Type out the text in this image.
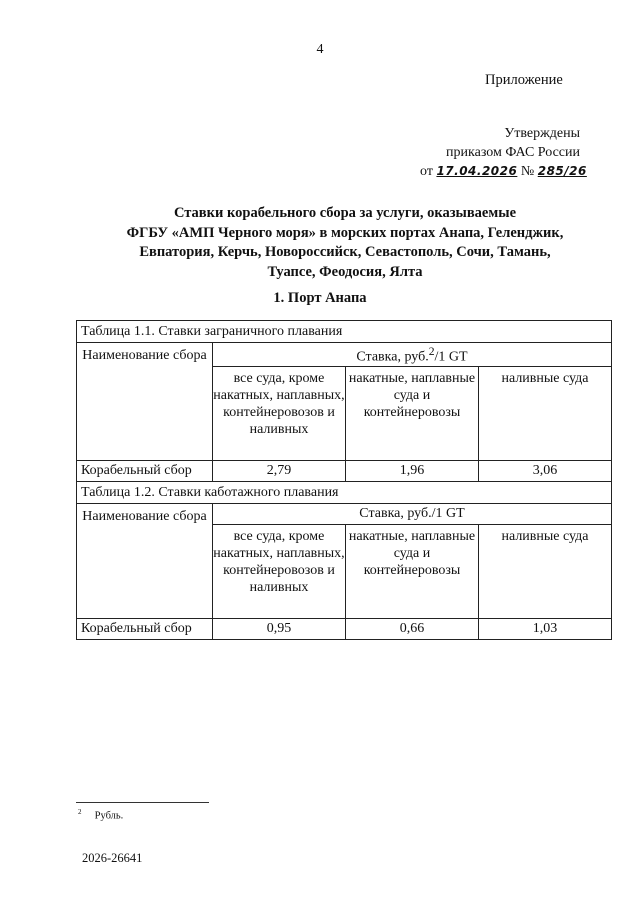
4
Приложение
Утверждены
приказом ФАС России
от 17.04.2026 № 285/26
Ставки корабельного сбора за услуги, оказываемые
ФГБУ «АМП Черного моря» в морских портах Анапа, Геленджик,
Евпатория, Керчь, Новороссийск, Севастополь, Сочи, Тамань,
Туапсе, Феодосия, Ялта
1. Порт Анапа
Таблица 1.1. Ставки заграничного плавания			
Наименование сбора	Ставка, руб.$^2$/1 GT		
	все суда, кроме накатных, наплавных, контейнеровозов и наливных	накатные, наплавные суда и контейнеровозы	наливные суда
Корабельный сбор	2,79	1,96	3,06
Таблица 1.2. Ставки каботажного плавания			
Наименование сбора	Ставка, руб./1 GT		
	все суда, кроме накатных, наплавных, контейнеровозов и наливных	накатные, наплавные суда и контейнеровозы	наливные суда
Корабельный сбор	0,95	0,66	1,03
$^2$ Рубль.
2026-26641
